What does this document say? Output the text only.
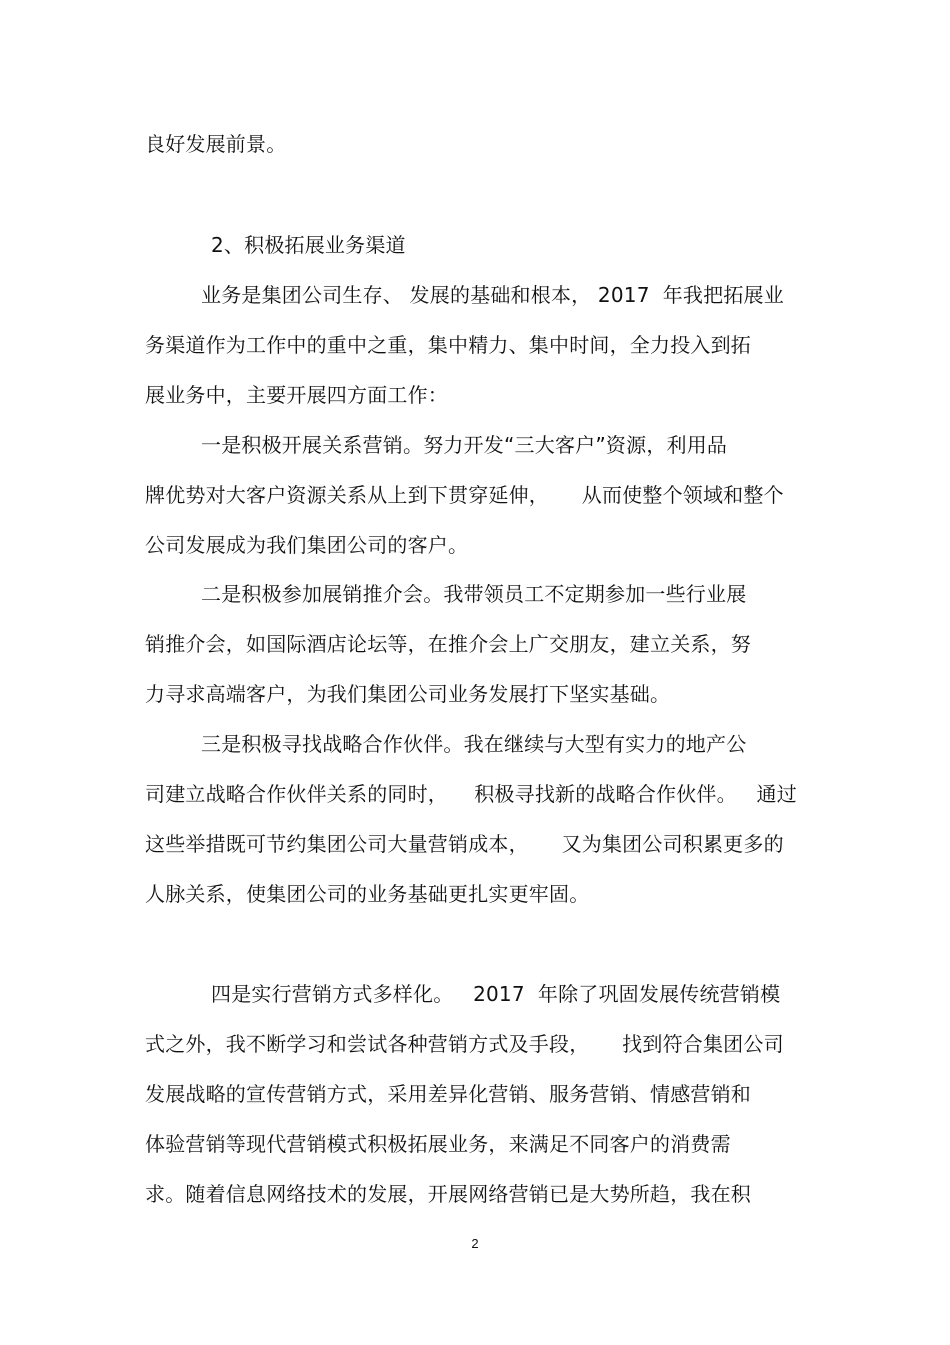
良好发展前景。
2、积极拓展业务渠道
业务是集团公司生存、 发展的基础和根本， 2017  年我把拓展业
务渠道作为工作中的重中之重，集中精力、集中时间，全力投入到拓
展业务中，主要开展四方面工作：
一是积极开展关系营销。努力开发“三大客户”资源，利用品
牌优势对大客户资源关系从上到下贯穿延伸，     从而使整个领域和整个
公司发展成为我们集团公司的客户。
二是积极参加展销推介会。我带领员工不定期参加一些行业展
销推介会，如国际酒店论坛等，在推介会上广交朋友，建立关系，努
力寻求高端客户，为我们集团公司业务发展打下坚实基础。
三是积极寻找战略合作伙伴。我在继续与大型有实力的地产公
司建立战略合作伙伴关系的同时，    积极寻找新的战略合作伙伴。   通过
这些举措既可节约集团公司大量营销成本，     又为集团公司积累更多的
人脉关系，使集团公司的业务基础更扎实更牢固。
四是实行营销方式多样化。   2017  年除了巩固发展传统营销模
式之外，我不断学习和尝试各种营销方式及手段，     找到符合集团公司
发展战略的宣传营销方式，采用差异化营销、服务营销、情感营销和
体验营销等现代营销模式积极拓展业务，来满足不同客户的消费需
求。随着信息网络技术的发展，开展网络营销已是大势所趋，我在积
2
